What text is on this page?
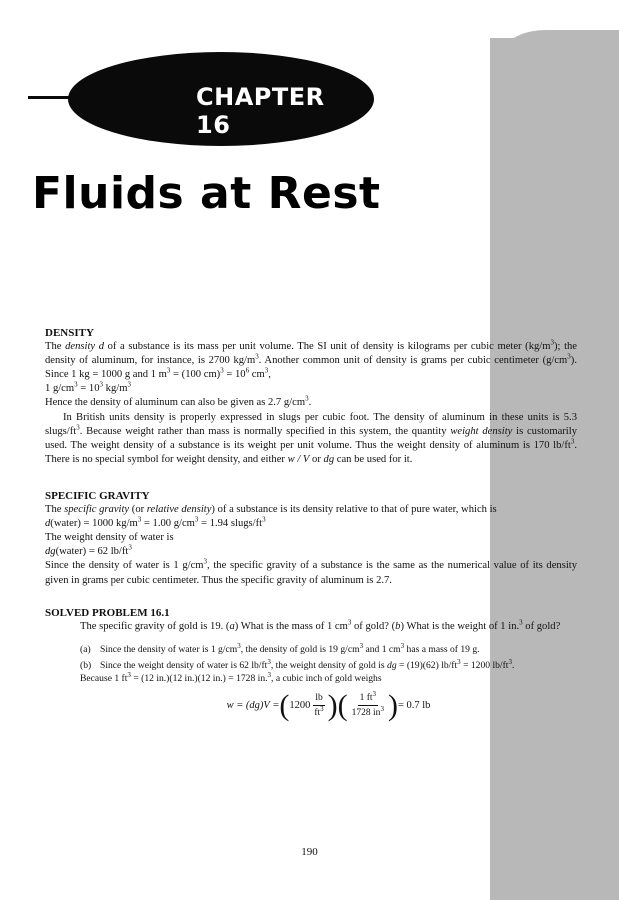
CHAPTER 16
Fluids at Rest

DENSITY

The density d of a substance is its mass per unit volume. The SI unit of density is kilograms per cubic meter $(kg/m^3)$; the density of aluminum, for instance, is 2700 $kg/m^3$. Another common unit of density is grams per cubic centimeter $(g/cm^3)$. Since 1 kg = 1000 g and 1 $m^3 = (100$ $cm)^3 = 10^6$ $cm^3$,

1 $g/cm^3 = 10^3$ $kg/m^3$

Hence the density of aluminum can also be given as 2.7 $g/cm^3$.

In British units density is properly expressed in slugs per cubic foot. The density of aluminum in these units is 5.3 slugs/$ft^3$. Because weight rather than mass is normally specified in this system, the quantity weight density is customarily used. The weight density of a substance is its weight per unit volume. Thus the weight density of aluminum is 170 $lb/ft^3$. There is no special symbol for weight density, and either w / V or dg can be used for it.

SPECIFIC GRAVITY

The specific gravity (or relative density) of a substance is its density relative to that of pure water, which is

d(water) = 1000 $kg/m^3 = 1.00$ $g/cm^3 = 1.94$ slugs/$ft^3$

The weight density of water is

dg(water) = 62 $lb/ft^3$

Since the density of water is 1 $g/cm^3$, the specific gravity of a substance is the same as the numerical value of its density given in grams per cubic centimeter. Thus the specific gravity of aluminum is 2.7.

SOLVED PROBLEM 16.1

The specific gravity of gold is 19. (a) What is the mass of 1 $cm^3$ of gold? (b) What is the weight of 1 in.$^3$ of gold?

(a) Since the density of water is 1 $g/cm^3$, the density of gold is 19 $g/cm^3$ and 1 $cm^3$ has a mass of 19 g.
(b) Since the weight density of water is 62 $lb/ft^3$, the weight density of gold is dg = (19)(62) $lb/ft^3 = 1200$ $lb/ft^3$.

Because 1 $ft^3 = (12$ in.)(12 in.)(12 in.) = 1728 in.$^3$, a cubic inch of gold weighs

w = (dg)V = ( $1200 \frac{lb}{ft^3}$ ) ( $\frac{1 ft^3}{1728 in^3}$ ) = 0.7 lb
190
